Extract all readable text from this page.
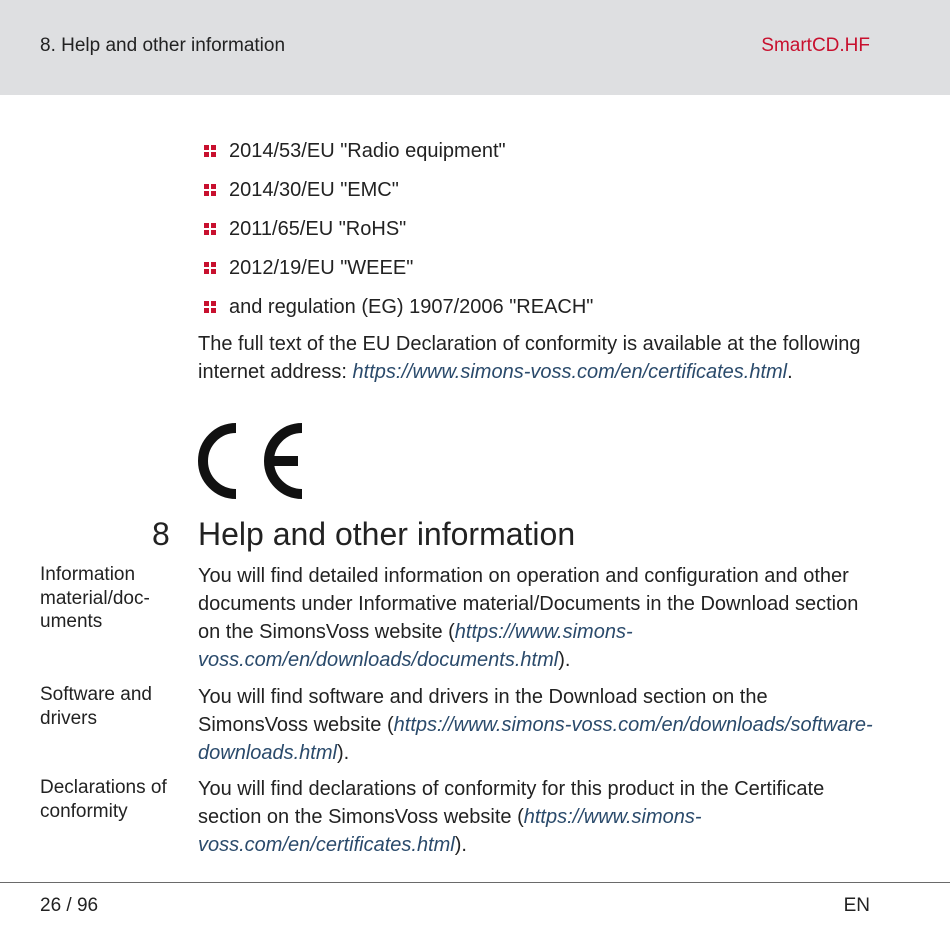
8. Help and other information	SmartCD.HF
2014/53/EU "Radio equipment"
2014/30/EU "EMC"
2011/65/EU "RoHS"
2012/19/EU "WEEE"
and regulation (EG) 1907/2006 "REACH"

The full text of the EU Declaration of conformity is available at the following internet address: https://www.simons-voss.com/en/certificates.html.

8 Help and other information
Information material/doc-uments

You will find detailed information on operation and configuration and other documents under Informative material/Documents in the Download section on the SimonsVoss website (https://www.simons-voss.com/en/downloads/documents.html).

Software and drivers

You will find software and drivers in the Download section on the SimonsVoss website (https://www.simons-voss.com/en/downloads/software-downloads.html).

Declarations of conformity

You will find declarations of conformity for this product in the Certificate section on the SimonsVoss website (https://www.simons-voss.com/en/certificates.html).

26 / 96	EN
